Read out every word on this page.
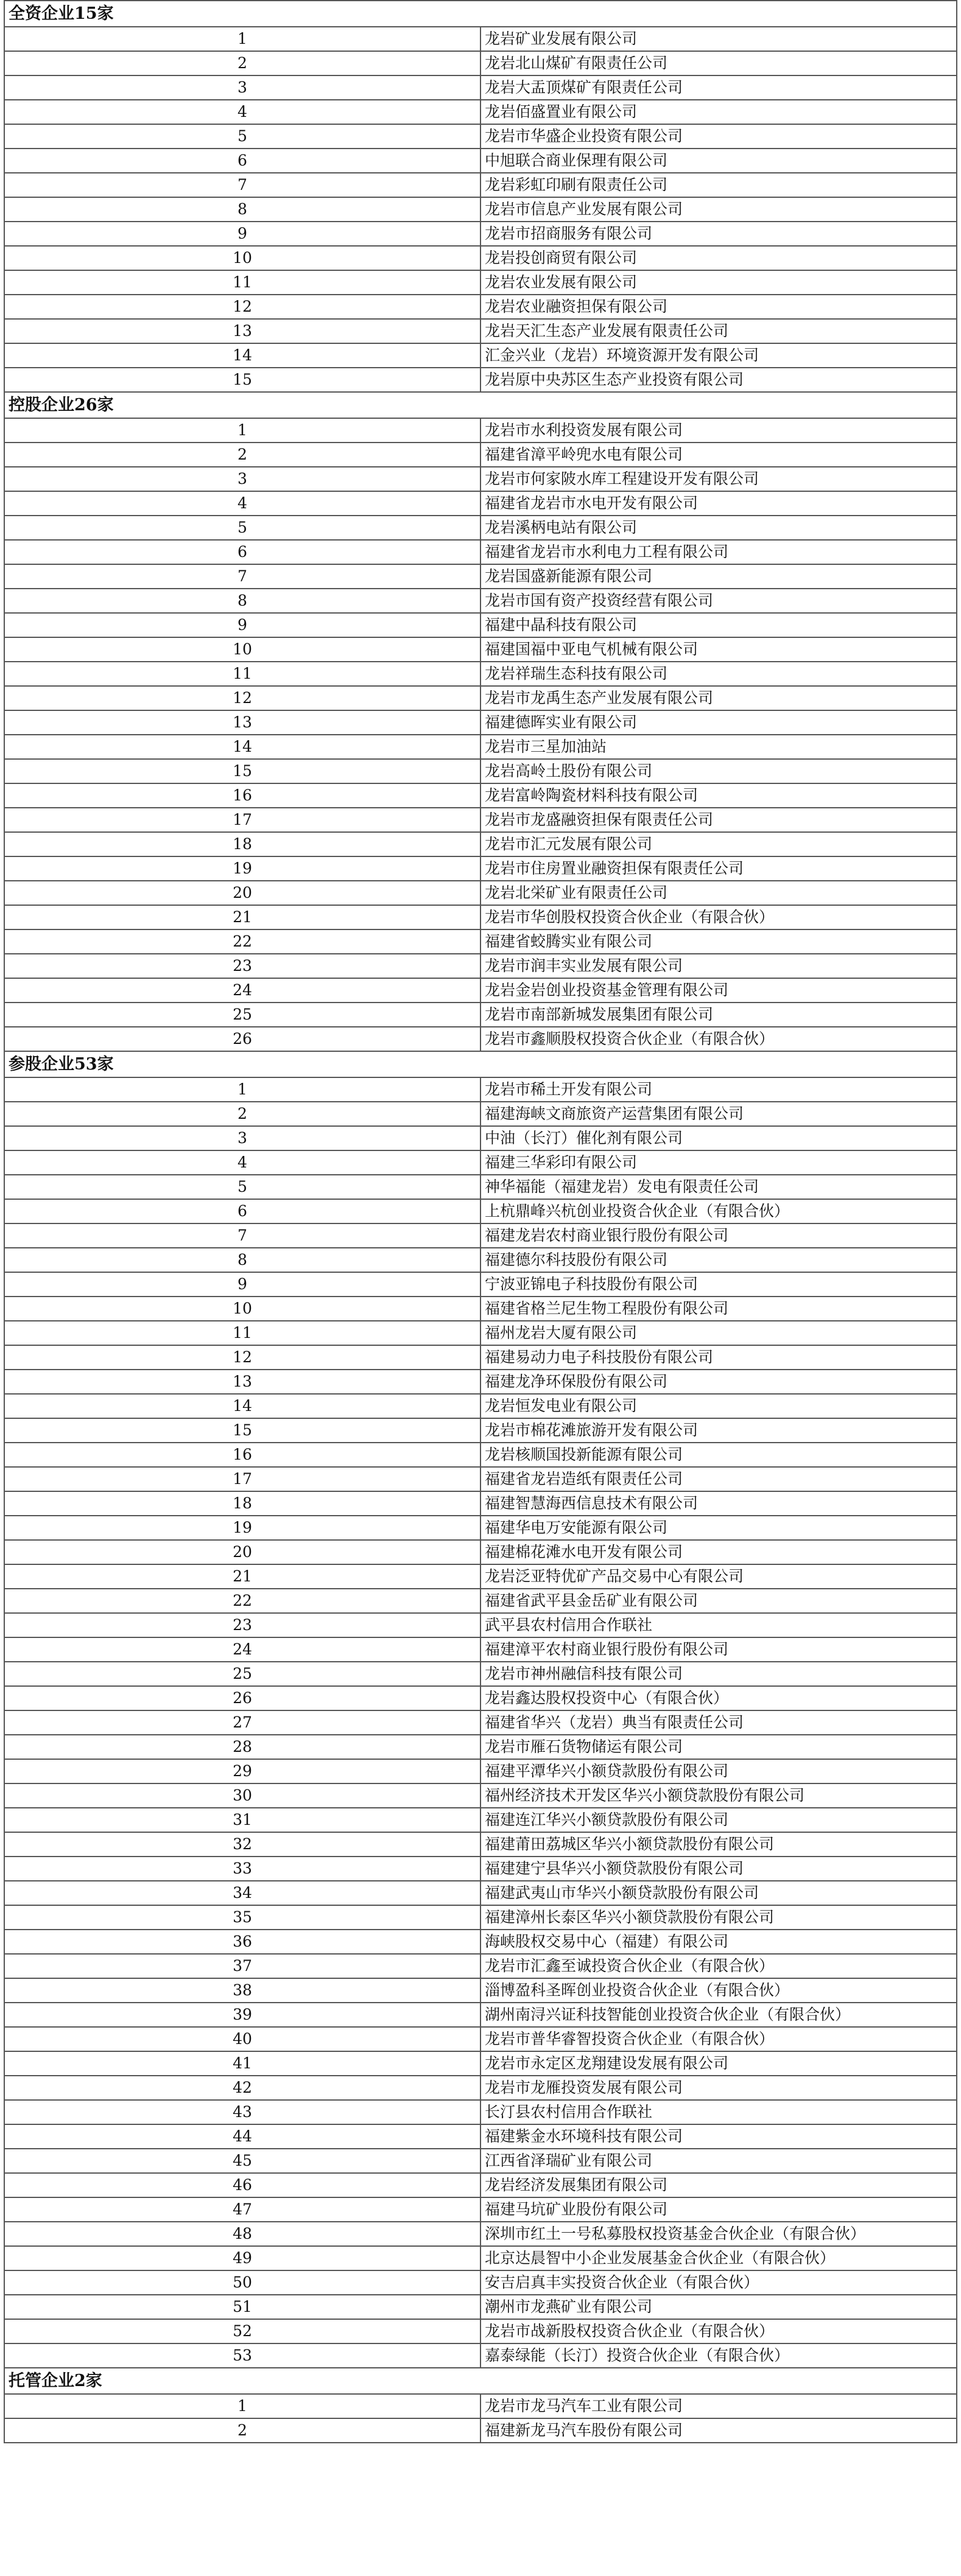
全资企业15家	
1	龙岩矿业发展有限公司
2	龙岩北山煤矿有限责任公司
3	龙岩大盂顶煤矿有限责任公司
4	龙岩佰盛置业有限公司
5	龙岩市华盛企业投资有限公司
6	中旭联合商业保理有限公司
7	龙岩彩虹印刷有限责任公司
8	龙岩市信息产业发展有限公司
9	龙岩市招商服务有限公司
10	龙岩投创商贸有限公司
11	龙岩农业发展有限公司
12	龙岩农业融资担保有限公司
13	龙岩天汇生态产业发展有限责任公司
14	汇金兴业（龙岩）环境资源开发有限公司
15	龙岩原中央苏区生态产业投资有限公司
控股企业26家	
1	龙岩市水利投资发展有限公司
2	福建省漳平岭兜水电有限公司
3	龙岩市何家陂水库工程建设开发有限公司
4	福建省龙岩市水电开发有限公司
5	龙岩溪柄电站有限公司
6	福建省龙岩市水利电力工程有限公司
7	龙岩国盛新能源有限公司
8	龙岩市国有资产投资经营有限公司
9	福建中晶科技有限公司
10	福建国福中亚电气机械有限公司
11	龙岩祥瑞生态科技有限公司
12	龙岩市龙禹生态产业发展有限公司
13	福建德晖实业有限公司
14	龙岩市三星加油站
15	龙岩高岭土股份有限公司
16	龙岩富岭陶瓷材料科技有限公司
17	龙岩市龙盛融资担保有限责任公司
18	龙岩市汇元发展有限公司
19	龙岩市住房置业融资担保有限责任公司
20	龙岩北栄矿业有限责任公司
21	龙岩市华创股权投资合伙企业（有限合伙）
22	福建省蛟腾实业有限公司
23	龙岩市润丰实业发展有限公司
24	龙岩金岩创业投资基金管理有限公司
25	龙岩市南部新城发展集团有限公司
26	龙岩市鑫顺股权投资合伙企业（有限合伙）
参股企业53家	
1	龙岩市稀土开发有限公司
2	福建海峡文商旅资产运营集团有限公司
3	中油（长汀）催化剂有限公司
4	福建三华彩印有限公司
5	神华福能（福建龙岩）发电有限责任公司
6	上杭鼎峰兴杭创业投资合伙企业（有限合伙）
7	福建龙岩农村商业银行股份有限公司
8	福建德尔科技股份有限公司
9	宁波亚锦电子科技股份有限公司
10	福建省格兰尼生物工程股份有限公司
11	福州龙岩大厦有限公司
12	福建易动力电子科技股份有限公司
13	福建龙净环保股份有限公司
14	龙岩恒发电业有限公司
15	龙岩市棉花滩旅游开发有限公司
16	龙岩核顺国投新能源有限公司
17	福建省龙岩造纸有限责任公司
18	福建智慧海西信息技术有限公司
19	福建华电万安能源有限公司
20	福建棉花滩水电开发有限公司
21	龙岩泛亚特优矿产品交易中心有限公司
22	福建省武平县金岳矿业有限公司
23	武平县农村信用合作联社
24	福建漳平农村商业银行股份有限公司
25	龙岩市神州融信科技有限公司
26	龙岩鑫达股权投资中心（有限合伙）
27	福建省华兴（龙岩）典当有限责任公司
28	龙岩市雁石货物储运有限公司
29	福建平潭华兴小额贷款股份有限公司
30	福州经济技术开发区华兴小额贷款股份有限公司
31	福建连江华兴小额贷款股份有限公司
32	福建莆田荔城区华兴小额贷款股份有限公司
33	福建建宁县华兴小额贷款股份有限公司
34	福建武夷山市华兴小额贷款股份有限公司
35	福建漳州长泰区华兴小额贷款股份有限公司
36	海峡股权交易中心（福建）有限公司
37	龙岩市汇鑫至诚投资合伙企业（有限合伙）
38	淄博盈科圣晖创业投资合伙企业（有限合伙）
39	湖州南浔兴证科技智能创业投资合伙企业（有限合伙）
40	龙岩市普华睿智投资合伙企业（有限合伙）
41	龙岩市永定区龙翔建设发展有限公司
42	龙岩市龙雁投资发展有限公司
43	长汀县农村信用合作联社
44	福建紫金水环境科技有限公司
45	江西省泽瑞矿业有限公司
46	龙岩经济发展集团有限公司
47	福建马坑矿业股份有限公司
48	深圳市红土一号私募股权投资基金合伙企业（有限合伙）
49	北京达晨智中小企业发展基金合伙企业（有限合伙）
50	安吉启真丰实投资合伙企业（有限合伙）
51	潮州市龙燕矿业有限公司
52	龙岩市战新股权投资合伙企业（有限合伙）
53	嘉泰绿能（长汀）投资合伙企业（有限合伙）
托管企业2家	
1	龙岩市龙马汽车工业有限公司
2	福建新龙马汽车股份有限公司
